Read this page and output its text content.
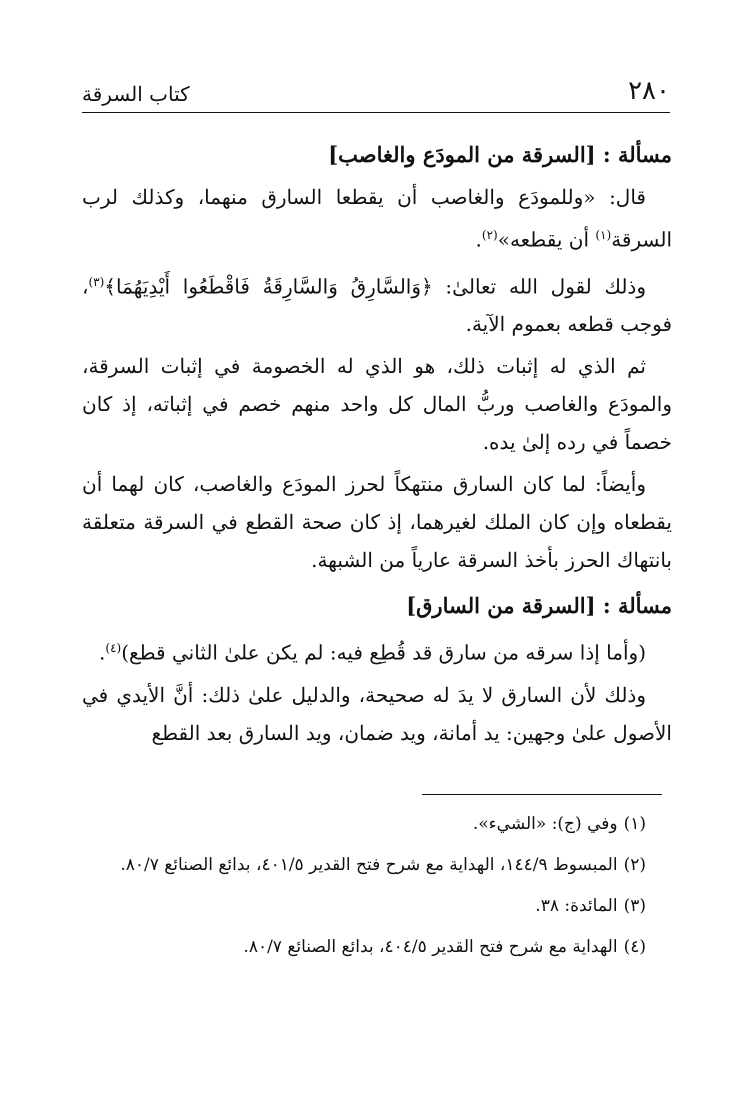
٢٨٠
كتاب السرقة
مسألة : [السرقة من المودَع والغاصب]

قال: «وللمودَع والغاصب أن يقطعا السارق منهما، وكذلك لرب السرقة$^{(١)}$ أن يقطعه»$^{(٢)}$.

وذلك لقول الله تعالىٰ: ﴿وَالسَّارِقُ وَالسَّارِقَةُ فَاقْطَعُوا أَيْدِيَهُمَا﴾$^{(٣)}$، فوجب قطعه بعموم الآية.

ثم الذي له إثبات ذلك، هو الذي له الخصومة في إثبات السرقة، والمودَع والغاصب وربُّ المال كل واحد منهم خصم في إثباته، إذ كان خصماً في رده إلىٰ يده.

وأيضاً: لما كان السارق منتهكاً لحرز المودَع والغاصب، كان لهما أن يقطعاه وإن كان الملك لغيرهما، إذ كان صحة القطع في السرقة متعلقة بانتهاك الحرز بأخذ السرقة عارياً من الشبهة.

مسألة : [السرقة من السارق]

(وأما إذا سرقه من سارق قد قُطِع فيه: لم يكن علىٰ الثاني قطع)$^{(٤)}$.

وذلك لأن السارق لا يدَ له صحيحة، والدليل علىٰ ذلك: أنَّ الأيدي في الأصول علىٰ وجهين: يد أمانة، ويد ضمان، ويد السارق بعد القطع

(١)وفي (ج): «الشيء».
(٢)المبسوط ١٤٤/٩، الهداية مع شرح فتح القدير ٤٠١/٥، بدائع الصنائع ٨٠/٧.
(٣)المائدة: ٣٨.
(٤)الهداية مع شرح فتح القدير ٤٠٤/٥، بدائع الصنائع ٨٠/٧.
